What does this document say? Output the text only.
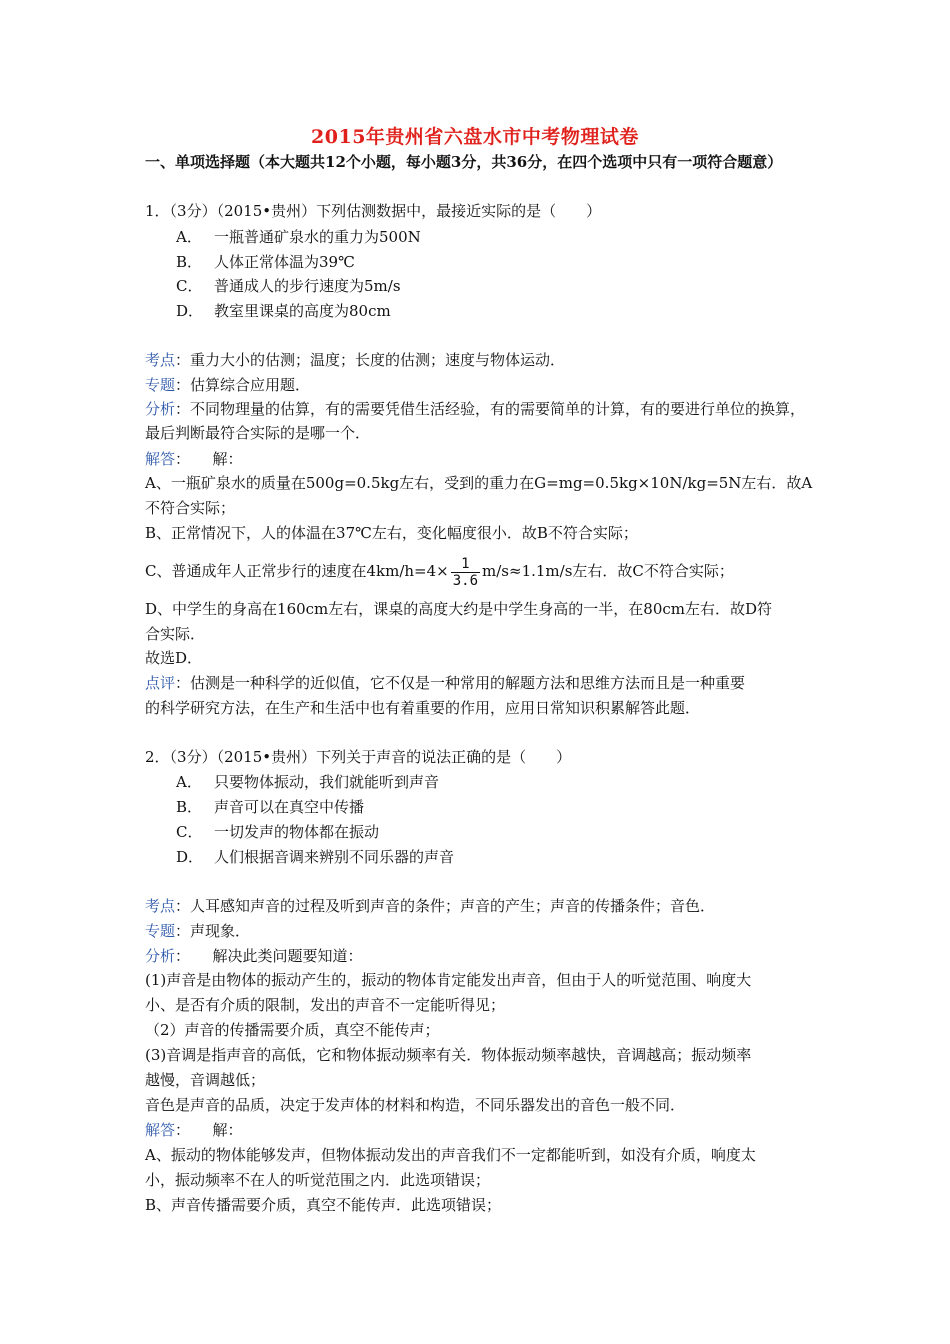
2015年贵州省六盘水市中考物理试卷
一、单项选择题（本大题共12个小题，每小题3分，共36分，在四个选项中只有一项符合题意）
1．（3分）（2015•贵州）下列估测数据中，最接近实际的是（　　）
A． 一瓶普通矿泉水的重力为500N
B． 人体正常体温为39℃
C． 普通成人的步行速度为5m/s
D． 教室里课桌的高度为80cm
考点：重力大小的估测；温度；长度的估测；速度与物体运动．
专题：估算综合应用题．
分析：不同物理量的估算，有的需要凭借生活经验，有的需要简单的计算，有的要进行单位的换算，最后判断最符合实际的是哪一个．
解答：　　解：
A、一瓶矿泉水的质量在500g=0.5kg左右，受到的重力在G=mg=0.5kg×10N/kg=5N左右．故A
不符合实际；
B、正常情况下，人的体温在37℃左右，变化幅度很小．故B不符合实际；
C、普通成年人正常步行的速度在$4km/h=4\times \frac{1}{3.6} m/s\approx 1.1m/s$左右．故C不符合实际；
D、中学生的身高在160cm左右，课桌的高度大约是中学生身高的一半，在80cm左右．故D符
合实际．
故选D．
点评：估测是一种科学的近似值，它不仅是一种常用的解题方法和思维方法而且是一种重要
的科学研究方法，在生产和生活中也有着重要的作用，应用日常知识积累解答此题．
2．（3分）（2015•贵州）下列关于声音的说法正确的是（　　）
A． 只要物体振动，我们就能听到声音
B． 声音可以在真空中传播
C． 一切发声的物体都在振动
D． 人们根据音调来辨别不同乐器的声音
考点：人耳感知声音的过程及听到声音的条件；声音的产生；声音的传播条件；音色．
专题：声现象．
分析：　　解决此类问题要知道：
(1)声音是由物体的振动产生的，振动的物体肯定能发出声音，但由于人的听觉范围、响度大
小、是否有介质的限制，发出的声音不一定能听得见；
（2）声音的传播需要介质，真空不能传声；
(3)音调是指声音的高低，它和物体振动频率有关．物体振动频率越快，音调越高；振动频率
越慢，音调越低；
音色是声音的品质，决定于发声体的材料和构造，不同乐器发出的音色一般不同．
解答：　　解：
A、振动的物体能够发声，但物体振动发出的声音我们不一定都能听到，如没有介质，响度太
小，振动频率不在人的听觉范围之内．此选项错误；
B、声音传播需要介质，真空不能传声．此选项错误；
